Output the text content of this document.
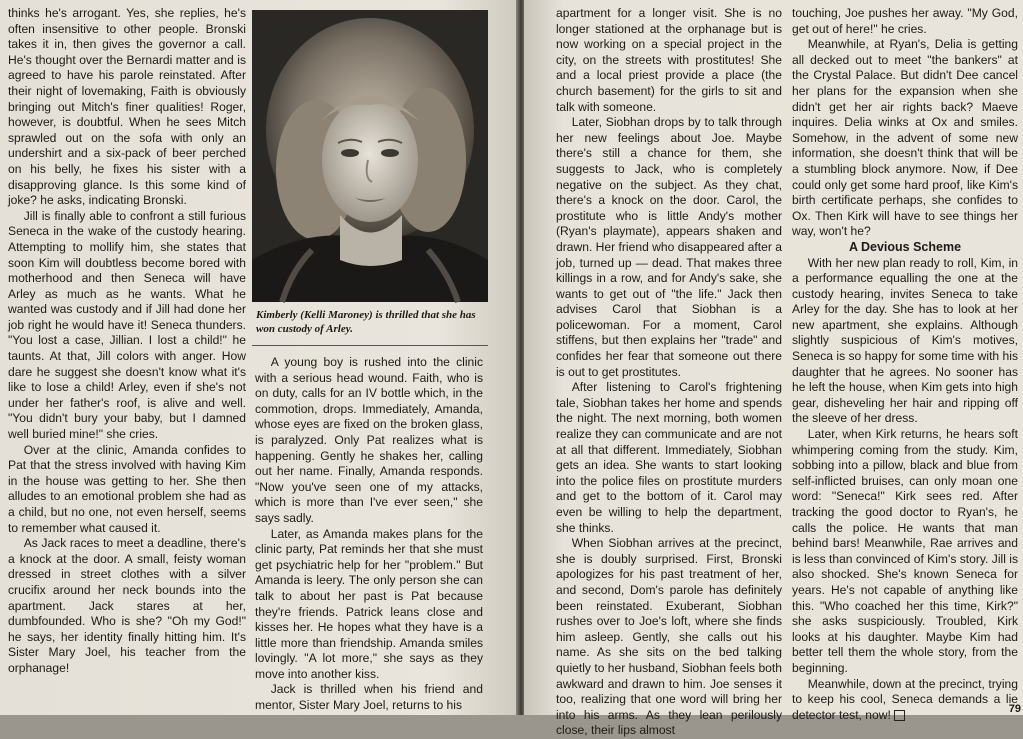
thinks he's arrogant. Yes, she replies, he's often insensitive to other people. Bronski takes it in, then gives the governor a call. He's thought over the Bernardi matter and is agreed to have his parole reinstated. After their night of lovemaking, Faith is obviously bringing out Mitch's finer qualities! Roger, however, is doubtful. When he sees Mitch sprawled out on the sofa with only an undershirt and a six-pack of beer perched on his belly, he fixes his sister with a disapproving glance. Is this some kind of joke? he asks, indicating Bronski.

Jill is finally able to confront a still furious Seneca in the wake of the custody hearing. Attempting to mollify him, she states that soon Kim will doubtless become bored with motherhood and then Seneca will have Arley as much as he wants. What he wanted was custody and if Jill had done her job right he would have it! Seneca thunders. "You lost a case, Jillian. I lost a child!" he taunts. At that, Jill colors with anger. How dare he suggest she doesn't know what it's like to lose a child! Arley, even if she's not under her father's roof, is alive and well. "You didn't bury your baby, but I damned well buried mine!" she cries.

Over at the clinic, Amanda confides to Pat that the stress involved with having Kim in the house was getting to her. She then alludes to an emotional problem she had as a child, but no one, not even herself, seems to remember what caused it.

As Jack races to meet a deadline, there's a knock at the door. A small, feisty woman dressed in street clothes with a silver crucifix around her neck bounds into the apartment. Jack stares at her, dumbfounded. Who is she? "Oh my God!" he says, her identity finally hitting him. It's Sister Mary Joel, his teacher from the orphanage!

Kimberly (Kelli Maroney) is thrilled that she has won custody of Arley.

A young boy is rushed into the clinic with a serious head wound. Faith, who is on duty, calls for an IV bottle which, in the commotion, drops. Immediately, Amanda, whose eyes are fixed on the broken glass, is paralyzed. Only Pat realizes what is happening. Gently he shakes her, calling out her name. Finally, Amanda responds. "Now you've seen one of my attacks, which is more than I've ever seen," she says sadly.

Later, as Amanda makes plans for the clinic party, Pat reminds her that she must get psychiatric help for her "problem." But Amanda is leery. The only person she can talk to about her past is Pat because they're friends. Patrick leans close and kisses her. He hopes what they have is a little more than friendship. Amanda smiles lovingly. "A lot more," she says as they move into another kiss.

Jack is thrilled when his friend and mentor, Sister Mary Joel, returns to his

apartment for a longer visit. She is no longer stationed at the orphanage but is now working on a special project in the city, on the streets with prostitutes! She and a local priest provide a place (the church basement) for the girls to sit and talk with someone.

Later, Siobhan drops by to talk through her new feelings about Joe. Maybe there's still a chance for them, she suggests to Jack, who is completely negative on the subject. As they chat, there's a knock on the door. Carol, the prostitute who is little Andy's mother (Ryan's playmate), appears shaken and drawn. Her friend who disappeared after a job, turned up — dead. That makes three killings in a row, and for Andy's sake, she wants to get out of "the life." Jack then advises Carol that Siobhan is a policewoman. For a moment, Carol stiffens, but then explains her "trade" and confides her fear that someone out there is out to get prostitutes.

After listening to Carol's frightening tale, Siobhan takes her home and spends the night. The next morning, both women realize they can communicate and are not at all that different. Immediately, Siobhan gets an idea. She wants to start looking into the police files on prostitute murders and get to the bottom of it. Carol may even be willing to help the department, she thinks.

When Siobhan arrives at the precinct, she is doubly surprised. First, Bronski apologizes for his past treatment of her, and second, Dom's parole has definitely been reinstated. Exuberant, Siobhan rushes over to Joe's loft, where she finds him asleep. Gently, she calls out his name. As she sits on the bed talking quietly to her husband, Siobhan feels both awkward and drawn to him. Joe senses it too, realizing that one word will bring her into his arms. As they lean perilously close, their lips almost

touching, Joe pushes her away. "My God, get out of here!" he cries.

Meanwhile, at Ryan's, Delia is getting all decked out to meet "the bankers" at the Crystal Palace. But didn't Dee cancel her plans for the expansion when she didn't get her air rights back? Maeve inquires. Delia winks at Ox and smiles. Somehow, in the advent of some new information, she doesn't think that will be a stumbling block anymore. Now, if Dee could only get some hard proof, like Kim's birth certificate perhaps, she confides to Ox. Then Kirk will have to see things her way, won't he?

A Devious Scheme

With her new plan ready to roll, Kim, in a performance equalling the one at the custody hearing, invites Seneca to take Arley for the day. She has to look at her new apartment, she explains. Although slightly suspicious of Kim's motives, Seneca is so happy for some time with his daughter that he agrees. No sooner has he left the house, when Kim gets into high gear, disheveling her hair and ripping off the sleeve of her dress.

Later, when Kirk returns, he hears soft whimpering coming from the study. Kim, sobbing into a pillow, black and blue from self-inflicted bruises, can only moan one word: "Seneca!" Kirk sees red. After tracking the good doctor to Ryan's, he calls the police. He wants that man behind bars! Meanwhile, Rae arrives and is less than convinced of Kim's story. Jill is also shocked. She's known Seneca for years. He's not capable of anything like this. "Who coached her this time, Kirk?" she asks suspiciously. Troubled, Kirk looks at his daughter. Maybe Kim had better tell them the whole story, from the beginning.

Meanwhile, down at the precinct, trying to keep his cool, Seneca demands a lie detector test, now!	79
